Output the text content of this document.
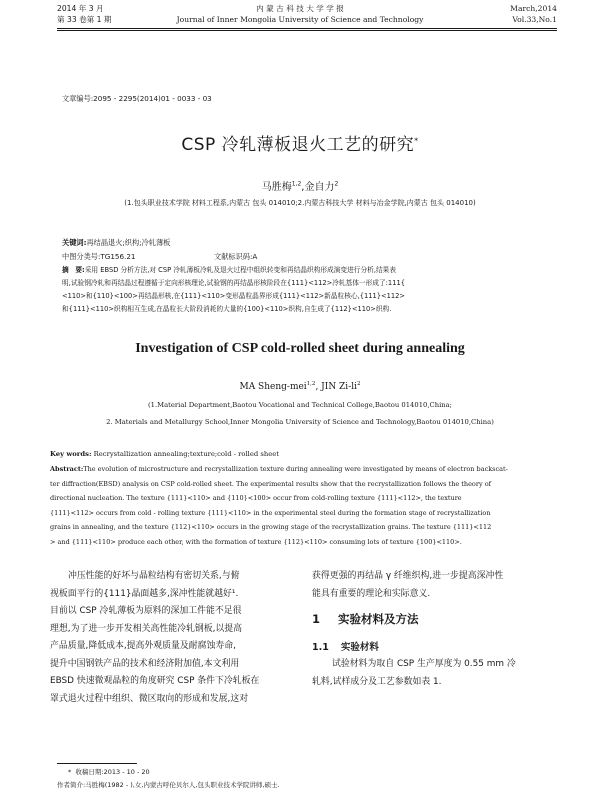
2014 年 3 月
第 33 卷第 1 期
内 蒙 古 科 技 大 学 学 报
Journal of Inner Mongolia University of Science and Technology
March,2014
Vol.33,No.1
文章编号:2095 - 2295(2014)01 - 0033 - 03
CSP 冷轧薄板退火工艺的研究*
马胜梅$^{1,2}$,金自力$^2$
(1.包头职业技术学院 材料工程系,内蒙古 包头 014010;2.内蒙古科技大学 材料与冶金学院,内蒙古 包头 014010)
关键词:再结晶退火;织构;冷轧薄板
中图分类号:TG156.21	文献标识码:A
摘　要:采用 EBSD 分析方法,对 CSP 冷轧薄板冷轧及退火过程中组织转变和再结晶织构形成演变进行分析,结果表
明,试验钢冷轧和再结晶过程遵循于定向形核理论,试验钢的再结晶形核阶段在{111}<112>冷轧基体一形成了:111{
<110>和{110}<100>再结晶形核,在{111}<110>变形晶粒晶界形成{111}<112>新晶粒核心,{111}<112>
和{111}<110>织构相互生成,在晶粒长大阶段消耗的大量的{100}<110>织构,自生成了{112}<110>织构.
Investigation of CSP cold-rolled sheet during annealing
MA Sheng-mei$^{1,2}$, JIN $Zi-li^2$
(1.Material Department,Baotou Vocational and Technical College,Baotou 014010,China;
2. Materials and Metallurgy School,Inner Mongolia University of Science and Technology,Baotou 014010,China)
Key words: Recrystallization annealing;texture;cold - rolled sheet
Abstract:The evolution of microstructure and recrystallization texture during annealing were investigated by means of electron backscat-
ter diffraction(EBSD) analysis on CSP cold-rolled sheet. The experimental results show that the recrystallization follows the theory of
directional nucleation. The texture {111}<110> and {110}<100> occur from cold-rolling texture {111}<112>, the texture
{111}<112> occurs from cold - rolling texture {111}<110> in the experimental steel during the formation stage of recrystallization
grains in annealing, and the texture {112}<110> occurs in the growing stage of the recrystallization grains. The texture {111}<112
> and {111}<110> produce each other, with the formation of texture {112}<110> consuming lots of texture {100}<110>.
冲压性能的好坏与晶粒结构有密切关系,与俯
视板面平行的{111}晶面越多,深冲性能就越好¹.
目前以 CSP 冷轧薄板为原料的深加工件能不足很
理想,为了进一步开发相关高性能冷轧钢板,以提高
产品质量,降低成本,提高外观质量及耐腐蚀寿命,
提升中国钢铁产品的技术和经济附加值,本文利用
EBSD 快速微观晶粒的角度研究 CSP 条件下冷轧板在
罩式退火过程中组织、微区取向的形成和发展,这对
获得更强的再结晶 γ 纤维织构,进一步提高深冲性
能具有重要的理论和实际意义.
1 实验材料及方法
1.1 实验材料
试验材料为取自 CSP 生产厚度为 0.55 mm 冷
轧料,试样成分及工艺参数如表 1.
* 收稿日期:2013 - 10 - 20
作者简介:马胜梅(1982 - ),女,内蒙古呼伦贝尔人,包头职业技术学院讲师,硕士.
